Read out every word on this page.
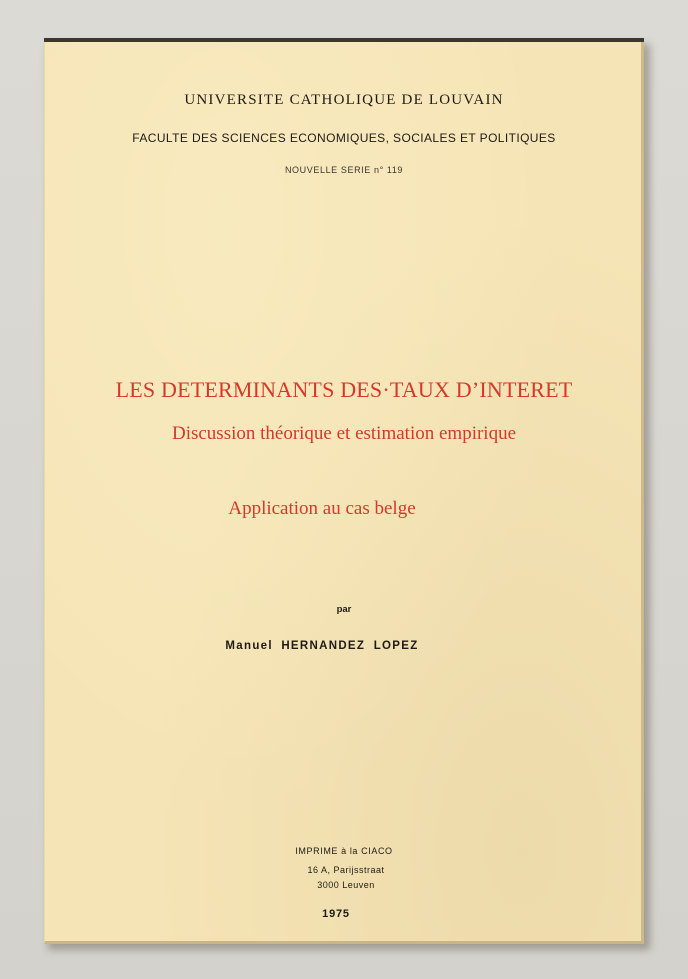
UNIVERSITE CATHOLIQUE DE LOUVAIN
FACULTE DES SCIENCES ECONOMIQUES, SOCIALES ET POLITIQUES
NOUVELLE SERIE n° 119
LES DETERMINANTS DES·TAUX D’INTERET
Discussion théorique et estimation empirique
Application au cas belge
par
Manuel HERNANDEZ LOPEZ
IMPRIME à la CIACO
16 A, Parijsstraat
3000 Leuven
1975
